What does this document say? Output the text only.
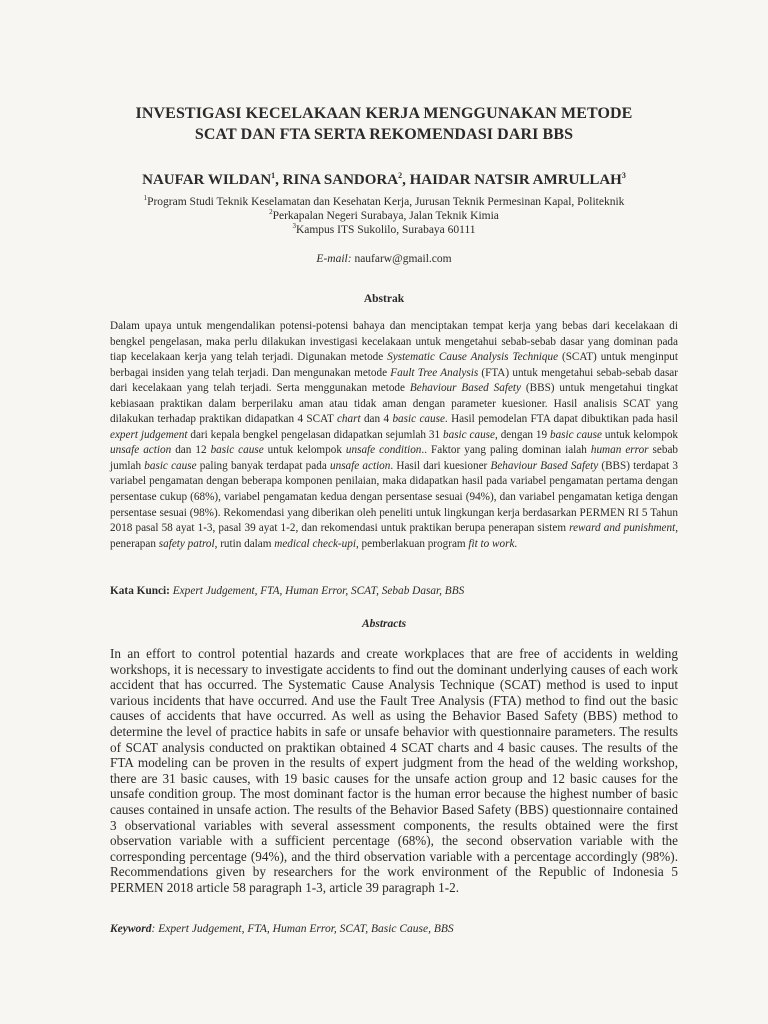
INVESTIGASI KECELAKAAN KERJA MENGGUNAKAN METODE
SCAT DAN FTA SERTA REKOMENDASI DARI BBS
NAUFAR WILDAN$^1$, RINA SANDORA$^2$, HAIDAR NATSIR AMRULLAH$^3$
$^1$Program Studi Teknik Keselamatan dan Kesehatan Kerja, Jurusan Teknik Permesinan Kapal, Politeknik
$^2$Perkapalan Negeri Surabaya, Jalan Teknik Kimia
$^3$Kampus ITS Sukolilo, Surabaya 60111
E-mail: naufarw@gmail.com
Abstrak
Dalam upaya untuk mengendalikan potensi-potensi bahaya dan menciptakan tempat kerja yang bebas dari kecelakaan di bengkel pengelasan, maka perlu dilakukan investigasi kecelakaan untuk mengetahui sebab-sebab dasar yang dominan pada tiap kecelakaan kerja yang telah terjadi. Digunakan metode Systematic Cause Analysis Technique (SCAT) untuk menginput berbagai insiden yang telah terjadi. Dan mengunakan metode Fault Tree Analysis (FTA) untuk mengetahui sebab-sebab dasar dari kecelakaan yang telah terjadi. Serta menggunakan metode Behaviour Based Safety (BBS) untuk mengetahui tingkat kebiasaan praktikan dalam berperilaku aman atau tidak aman dengan parameter kuesioner. Hasil analisis SCAT yang dilakukan terhadap praktikan didapatkan 4 SCAT chart dan 4 basic cause. Hasil pemodelan FTA dapat dibuktikan pada hasil expert judgement dari kepala bengkel pengelasan didapatkan sejumlah 31 basic cause, dengan 19 basic cause untuk kelompok unsafe action dan 12 basic cause untuk kelompok unsafe condition.. Faktor yang paling dominan ialah human error sebab jumlah basic cause paling banyak terdapat pada unsafe action. Hasil dari kuesioner Behaviour Based Safety (BBS) terdapat 3 variabel pengamatan dengan beberapa komponen penilaian, maka didapatkan hasil pada variabel pengamatan pertama dengan persentase cukup (68%), variabel pengamatan kedua dengan persentase sesuai (94%), dan variabel pengamatan ketiga dengan persentase sesuai (98%). Rekomendasi yang diberikan oleh peneliti untuk lingkungan kerja berdasarkan PERMEN RI 5 Tahun 2018 pasal 58 ayat 1-3, pasal 39 ayat 1-2, dan rekomendasi untuk praktikan berupa penerapan sistem reward and punishment, penerapan safety patrol, rutin dalam medical check-upi, pemberlakuan program fit to work.
Kata Kunci: Expert Judgement, FTA, Human Error, SCAT, Sebab Dasar, BBS
Abstracts
In an effort to control potential hazards and create workplaces that are free of accidents in welding workshops, it is necessary to investigate accidents to find out the dominant underlying causes of each work accident that has occurred. The Systematic Cause Analysis Technique (SCAT) method is used to input various incidents that have occurred. And use the Fault Tree Analysis (FTA) method to find out the basic causes of accidents that have occurred. As well as using the Behavior Based Safety (BBS) method to determine the level of practice habits in safe or unsafe behavior with questionnaire parameters. The results of SCAT analysis conducted on praktikan obtained 4 SCAT charts and 4 basic causes. The results of the FTA modeling can be proven in the results of expert judgment from the head of the welding workshop, there are 31 basic causes, with 19 basic causes for the unsafe action group and 12 basic causes for the unsafe condition group. The most dominant factor is the human error because the highest number of basic causes contained in unsafe action. The results of the Behavior Based Safety (BBS) questionnaire contained 3 observational variables with several assessment components, the results obtained were the first observation variable with a sufficient percentage (68%), the second observation variable with the corresponding percentage (94%), and the third observation variable with a percentage accordingly (98%). Recommendations given by researchers for the work environment of the Republic of Indonesia 5 PERMEN 2018 article 58 paragraph 1-3, article 39 paragraph 1-2.
Keyword: Expert Judgement, FTA, Human Error, SCAT, Basic Cause, BBS
